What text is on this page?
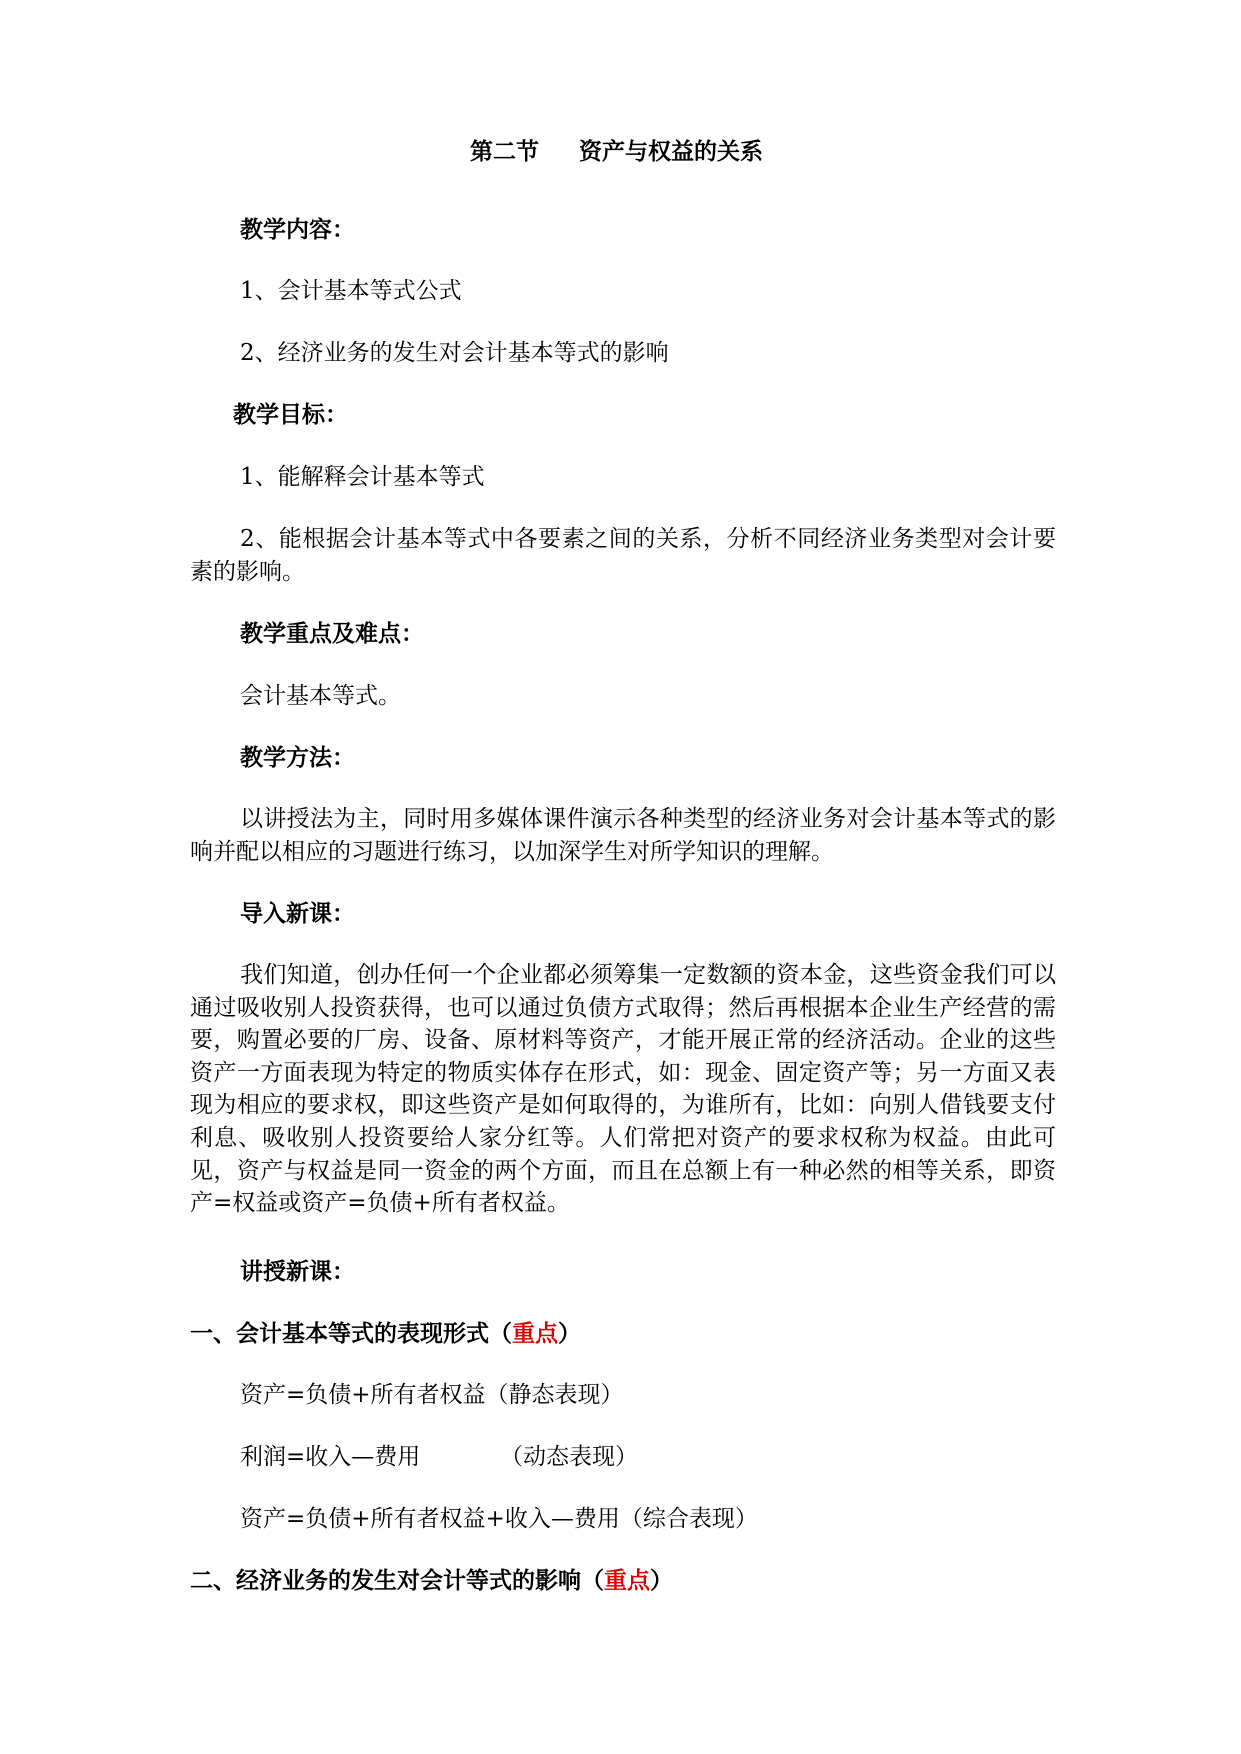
第二节 资产与权益的关系
教学内容：
1、会计基本等式公式
2、经济业务的发生对会计基本等式的影响
教学目标：
1、能解释会计基本等式
2、能根据会计基本等式中各要素之间的关系，分析不同经济业务类型对会计要素的影响。
教学重点及难点：
会计基本等式。
教学方法：
以讲授法为主，同时用多媒体课件演示各种类型的经济业务对会计基本等式的影响并配以相应的习题进行练习，以加深学生对所学知识的理解。
导入新课：
我们知道，创办任何一个企业都必须筹集一定数额的资本金，这些资金我们可以通过吸收别人投资获得，也可以通过负债方式取得；然后再根据本企业生产经营的需要，购置必要的厂房、设备、原材料等资产，才能开展正常的经济活动。企业的这些资产一方面表现为特定的物质实体存在形式，如：现金、固定资产等；另一方面又表现为相应的要求权，即这些资产是如何取得的，为谁所有，比如：向别人借钱要支付利息、吸收别人投资要给人家分红等。人们常把对资产的要求权称为权益。由此可见，资产与权益是同一资金的两个方面，而且在总额上有一种必然的相等关系，即资产=权益或资产=负债+所有者权益。
讲授新课：
一、会计基本等式的表现形式（重点）
资产=负债+所有者权益（静态表现）
利润=收入—费用	（动态表现）
资产=负债+所有者权益+收入—费用（综合表现）
二、经济业务的发生对会计等式的影响（重点）
